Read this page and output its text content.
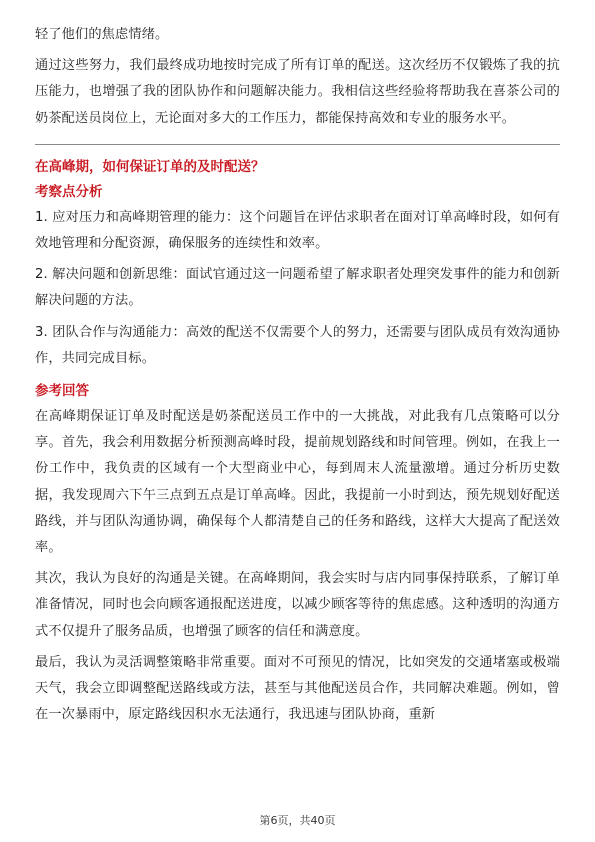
轻了他们的焦虑情绪。

通过这些努力，我们最终成功地按时完成了所有订单的配送。这次经历不仅锻炼了我的抗压能力，也增强了我的团队协作和问题解决能力。我相信这些经验将帮助我在喜茶公司的奶茶配送员岗位上，无论面对多大的工作压力，都能保持高效和专业的服务水平。

在高峰期，如何保证订单的及时配送？
考察点分析

1. 应对压力和高峰期管理的能力：这个问题旨在评估求职者在面对订单高峰时段，如何有效地管理和分配资源，确保服务的连续性和效率。

2. 解决问题和创新思维：面试官通过这一问题希望了解求职者处理突发事件的能力和创新解决问题的方法。

3. 团队合作与沟通能力：高效的配送不仅需要个人的努力，还需要与团队成员有效沟通协作，共同完成目标。

参考回答

在高峰期保证订单及时配送是奶茶配送员工作中的一大挑战，对此我有几点策略可以分享。首先，我会利用数据分析预测高峰时段，提前规划路线和时间管理。例如，在我上一份工作中，我负责的区域有一个大型商业中心，每到周末人流量激增。通过分析历史数据，我发现周六下午三点到五点是订单高峰。因此，我提前一小时到达，预先规划好配送路线，并与团队沟通协调，确保每个人都清楚自己的任务和路线，这样大大提高了配送效率。

其次，我认为良好的沟通是关键。在高峰期间，我会实时与店内同事保持联系，了解订单准备情况，同时也会向顾客通报配送进度，以减少顾客等待的焦虑感。这种透明的沟通方式不仅提升了服务品质，也增强了顾客的信任和满意度。

最后，我认为灵活调整策略非常重要。面对不可预见的情况，比如突发的交通堵塞或极端天气，我会立即调整配送路线或方法，甚至与其他配送员合作，共同解决难题。例如，曾在一次暴雨中，原定路线因积水无法通行，我迅速与团队协商，重新

第6页，共40页
